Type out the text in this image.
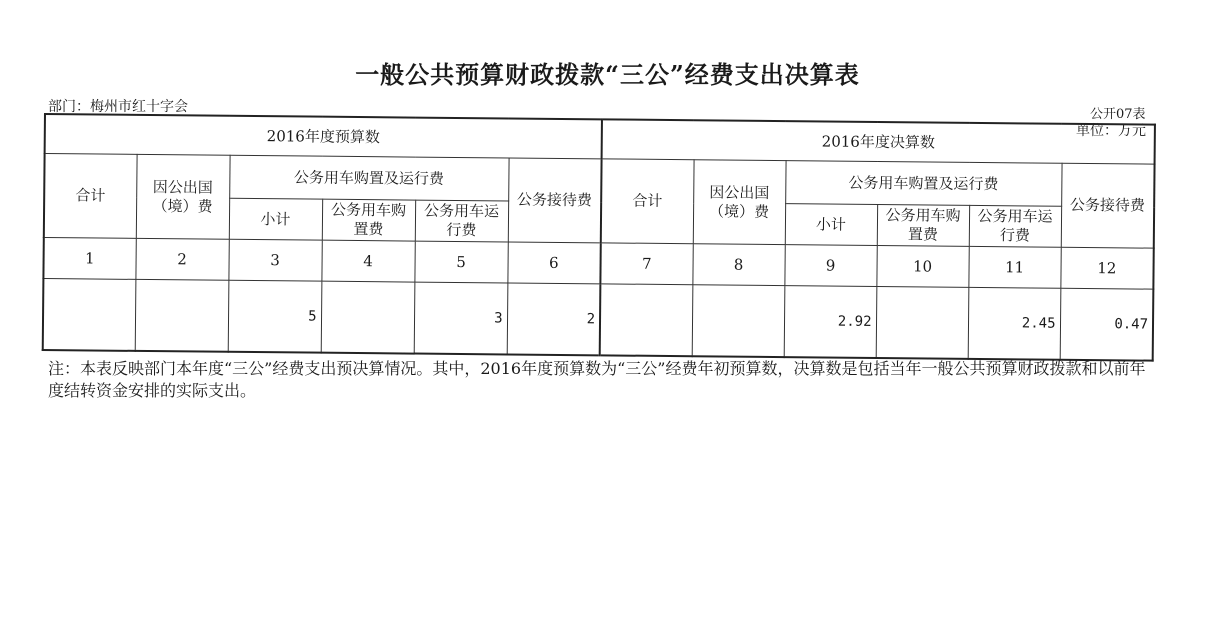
一般公共预算财政拨款“三公”经费支出决算表
部门：梅州市红十字会	公开07表
单位：万元
2016年度预算数						2016年度决算数					
合计	因公出国（境）费	公务用车购置及运行费			公务接待费	合计	因公出国（境）费	公务用车购置及运行费			公务接待费
		小计	公务用车购置费	公务用车运行费				小计	公务用车购置费	公务用车运行费	
1	2	3	4	5	6	7	8	9	10	11	12
		5		3	2			2.92		2.45	0.47
注：本表反映部门本年度“三公”经费支出预决算情况。其中，2016年度预算数为“三公”经费年初预算数，决算数是包括当年一般公共预算财政拨款和以前年度结转资金安排的实际支出。
